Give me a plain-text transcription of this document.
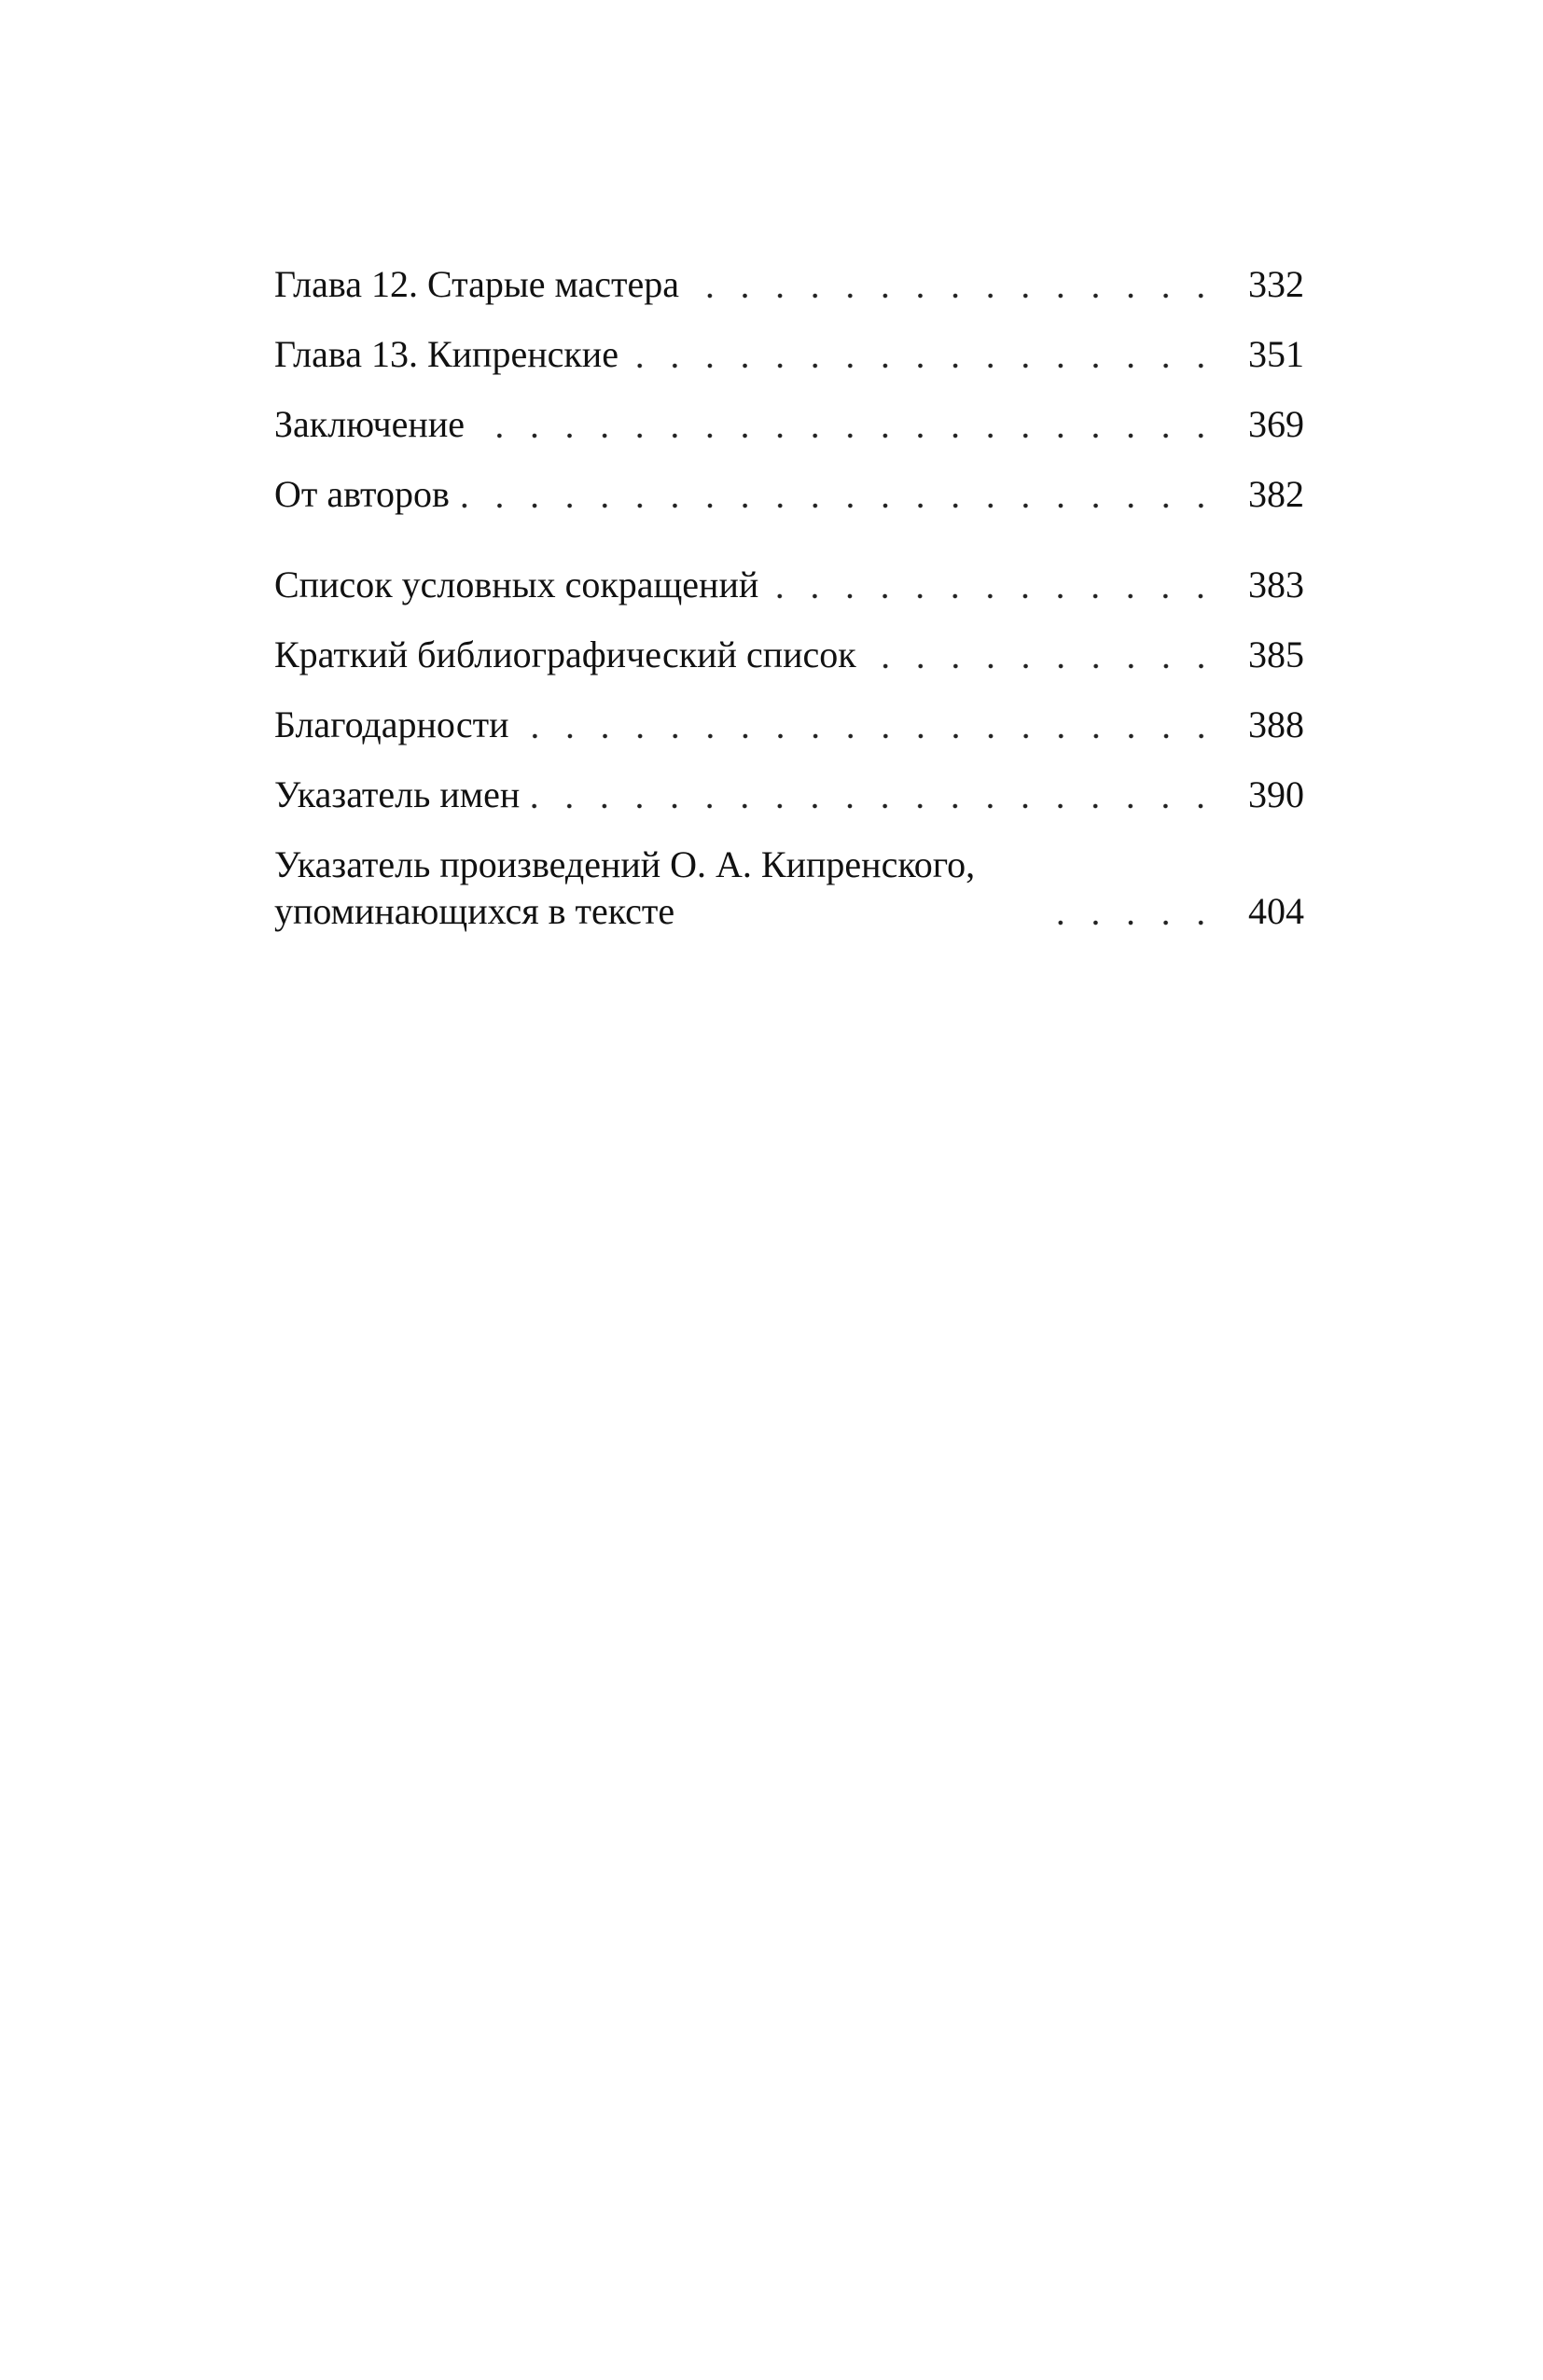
Глава 12. Старые мастера	332
Глава 13. Кипренские	351
Заключение	369
От авторов	382
Список условных сокращений	383
Краткий библиографический список	385
Благодарности	388
Указатель имен	390
Указатель произведений О. А. Кипренского, упоминающихся в тексте	404
